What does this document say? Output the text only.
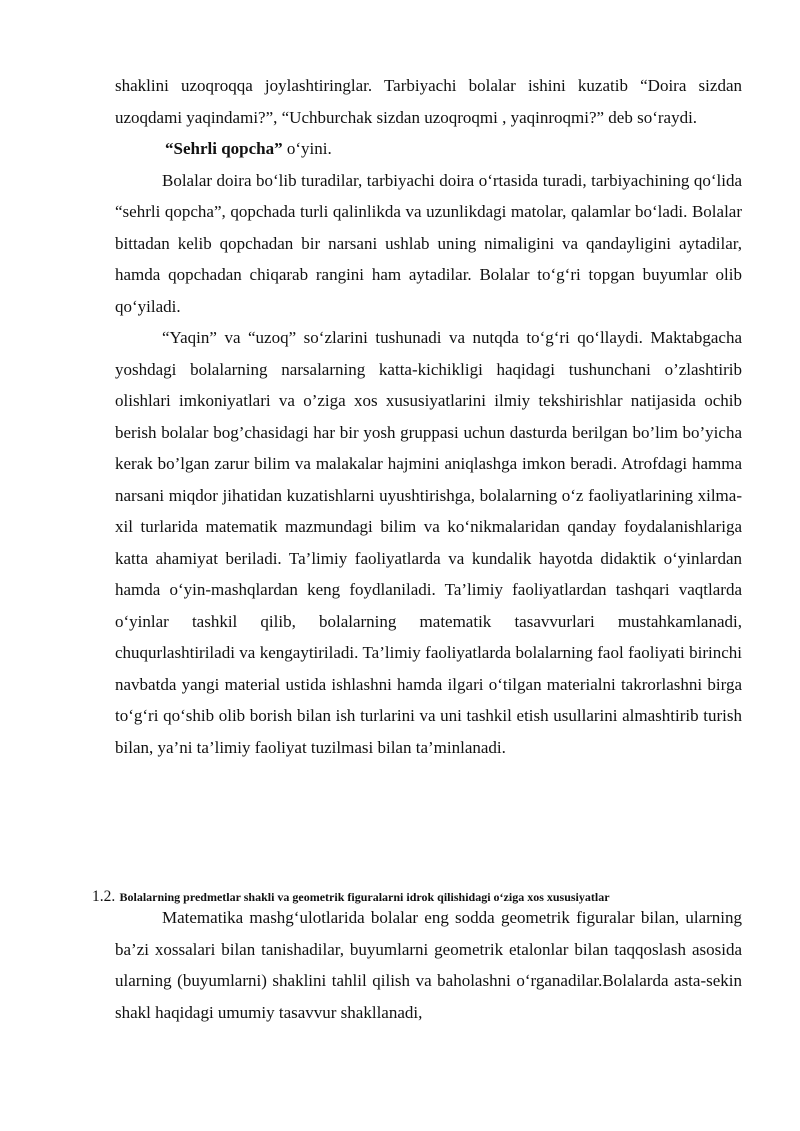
shaklini uzoqroqqa joylashtiringlar. Tarbiyachi bolalar ishini kuzatib “Doira sizdan uzoqdami yaqindami?”, “Uchburchak sizdan uzoqroqmi , yaqinroqmi?” deb so‘raydi.

“Sehrli qopcha” o‘yini.

Bolalar doira bo‘lib turadilar, tarbiyachi doira o‘rtasida turadi, tarbiyachining qo‘lida “sehrli qopcha”, qopchada turli qalinlikda va uzunlikdagi matolar, qalamlar bo‘ladi. Bolalar bittadan kelib qopchadan bir narsani ushlab uning nimaligini va qandayligini aytadilar, hamda qopchadan chiqarab rangini ham aytadilar. Bolalar to‘g‘ri topgan buyumlar olib qo‘yiladi.

“Yaqin” va “uzoq” so‘zlarini tushunadi va nutqda to‘g‘ri qo‘llaydi. Maktabgacha yoshdagi bolalarning narsalarning katta-kichikligi haqidagi tushunchani o’zlashtirib olishlari imkoniyatlari va o’ziga xos xususiyatlarini ilmiy tekshirishlar natijasida ochib berish bolalar bog’chasidagi har bir yosh gruppasi uchun dasturda berilgan bo’lim bo’yicha kerak bo’lgan zarur bilim va malakalar hajmini aniqlashga imkon beradi. Atrofdagi hamma narsani miqdor jihatidan kuzatishlarni uyushtirishga, bolalarning o‘z faoliyatlarining xilma-xil turlarida matematik mazmundagi bilim va ko‘nikmalaridan qanday foydalanishlariga katta ahamiyat beriladi. Ta’limiy faoliyatlarda va kundalik hayotda didaktik o‘yinlardan hamda o‘yin-mashqlardan keng foydlaniladi. Ta’limiy faoliyatlardan tashqari vaqtlarda o‘yinlar tashkil qilib, bolalarning matematik tasavvurlari mustahkamlanadi, chuqurlashtiriladi va kengaytiriladi. Ta’limiy faoliyatlarda bolalarning faol faoliyati birinchi navbatda yangi material ustida ishlashni hamda ilgari o‘tilgan materialni takrorlashni birga to‘g‘ri qo‘shib olib borish bilan ish turlarini va uni tashkil etish usullarini almashtirib turish bilan, ya’ni ta’limiy faoliyat tuzilmasi bilan ta’minlanadi.

1.2. Bolalarning predmetlar shakli va geometrik figuralarni idrok qilishidagi o‘ziga xos xususiyatlar

Matematika mashg‘ulotlarida bolalar eng sodda geometrik figuralar bilan, ularning ba’zi xossalari bilan tanishadilar, buyumlarni geometrik etalonlar bilan taqqoslash asosida ularning (buyumlarni) shaklini tahlil qilish va baholashni o‘rganadilar.Bolalarda asta-sekin shakl haqidagi umumiy tasavvur shakllanadi,
